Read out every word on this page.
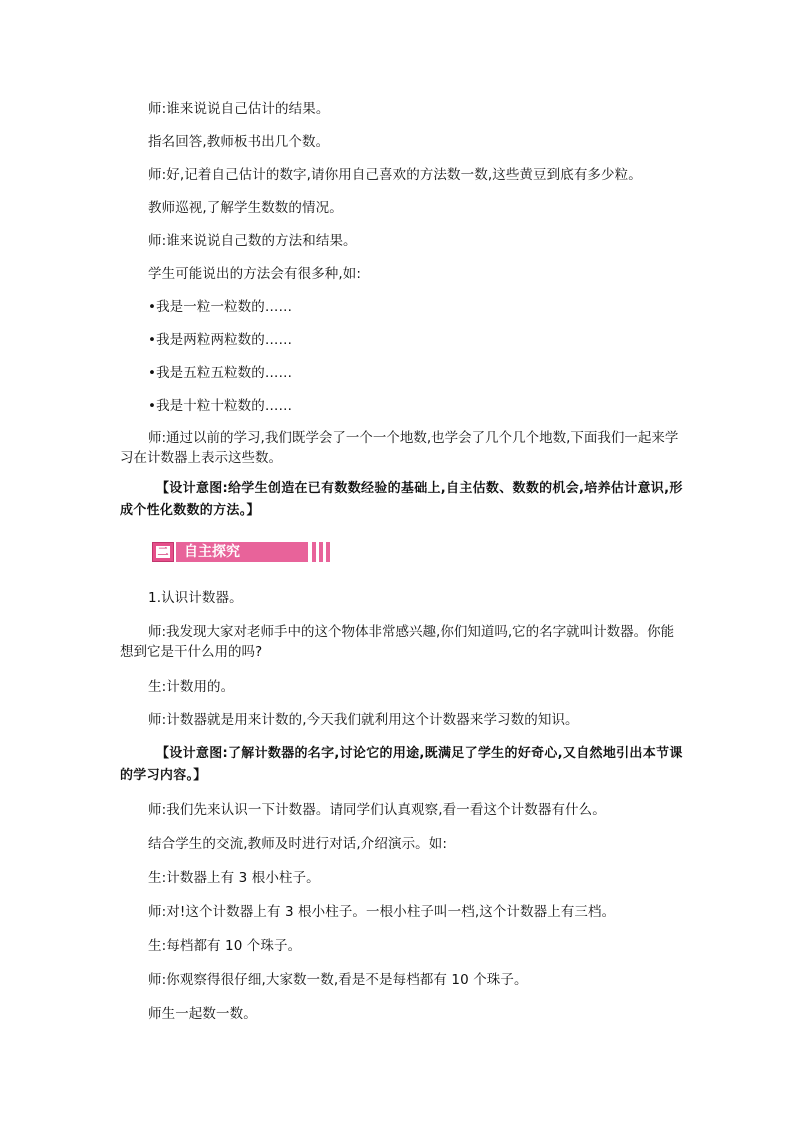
师:谁来说说自己估计的结果。
指名回答,教师板书出几个数。
师:好,记着自己估计的数字,请你用自己喜欢的方法数一数,这些黄豆到底有多少粒。
教师巡视,了解学生数数的情况。
师:谁来说说自己数的方法和结果。
学生可能说出的方法会有很多种,如:
•我是一粒一粒数的……
•我是两粒两粒数的……
•我是五粒五粒数的……
•我是十粒十粒数的……
师:通过以前的学习,我们既学会了一个一个地数,也学会了几个几个地数,下面我们一起来学习在计数器上表示这些数。
【设计意图:给学生创造在已有数数经验的基础上,自主估数、数数的机会,培养估计意识,形成个性化数数的方法。】
二 自主探究
1.认识计数器。
师:我发现大家对老师手中的这个物体非常感兴趣,你们知道吗,它的名字就叫计数器。你能想到它是干什么用的吗?
生:计数用的。
师:计数器就是用来计数的,今天我们就利用这个计数器来学习数的知识。
【设计意图:了解计数器的名字,讨论它的用途,既满足了学生的好奇心,又自然地引出本节课的学习内容。】
师:我们先来认识一下计数器。请同学们认真观察,看一看这个计数器有什么。
结合学生的交流,教师及时进行对话,介绍演示。如:
生:计数器上有 3 根小柱子。
师:对!这个计数器上有 3 根小柱子。一根小柱子叫一档,这个计数器上有三档。
生:每档都有 10 个珠子。
师:你观察得很仔细,大家数一数,看是不是每档都有 10 个珠子。
师生一起数一数。
